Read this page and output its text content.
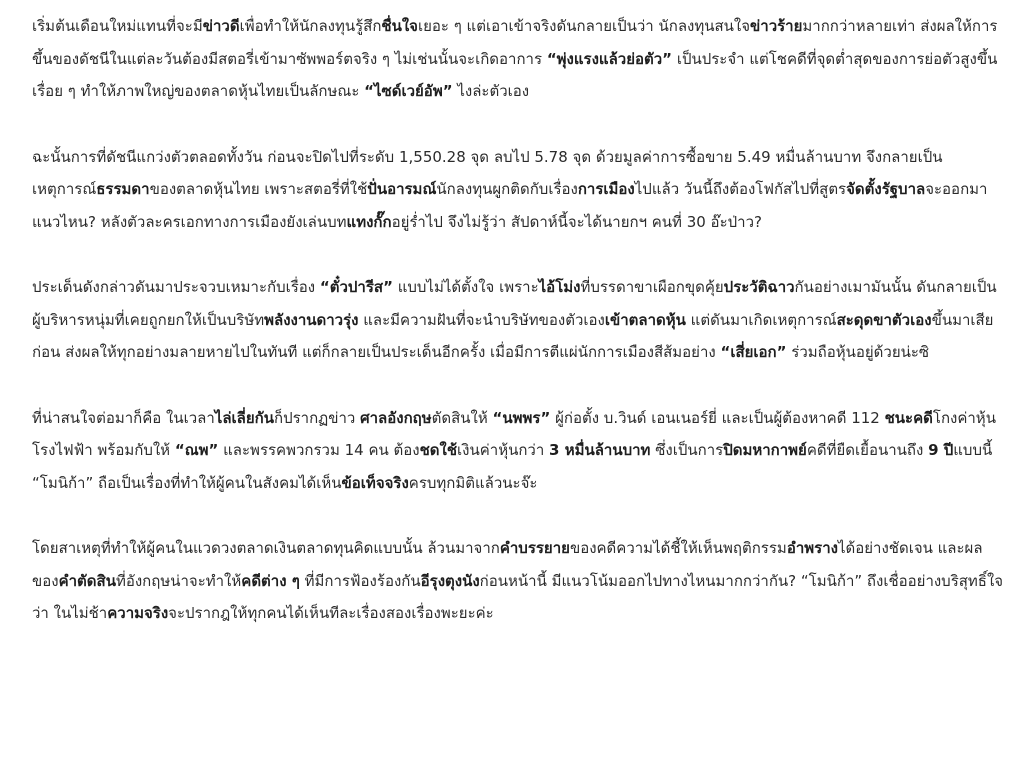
เริ่มต้นเดือนใหม่แทนที่จะมีข่าวดีเพื่อทำให้นักลงทุนรู้สึกชื่นใจเยอะ ๆ แต่เอาเข้าจริงดันกลายเป็นว่า นักลงทุนสนใจข่าวร้ายมากกว่าหลายเท่า ส่งผลให้การขึ้นของดัชนีในแต่ละวันต้องมีสตอรี่เข้ามาซัพพอร์ตจริง ๆ ไม่เช่นนั้นจะเกิดอาการ “พุ่งแรงแล้วย่อตัว” เป็นประจำ แต่โชคดีที่จุดต่ำสุดของการย่อตัวสูงขึ้นเรื่อย ๆ ทำให้ภาพใหญ่ของตลาดหุ้นไทยเป็นลักษณะ “ไซด์เวย์อัพ” ไงล่ะตัวเอง

ฉะนั้นการที่ดัชนีแกว่งตัวตลอดทั้งวัน ก่อนจะปิดไปที่ระดับ 1,550.28 จุด ลบไป 5.78 จุด ด้วยมูลค่าการซื้อขาย 5.49 หมื่นล้านบาท จึงกลายเป็นเหตุการณ์ธรรมดาของตลาดหุ้นไทย เพราะสตอรี่ที่ใช้ปั่นอารมณ์นักลงทุนผูกติดกับเรื่องการเมืองไปแล้ว วันนี้ถึงต้องโฟกัสไปที่สูตรจัดตั้งรัฐบาลจะออกมาแนวไหน? หลังตัวละครเอกทางการเมืองยังเล่นบทแทงกั๊กอยู่ร่ำไป จึงไม่รู้ว่า สัปดาห์นี้จะได้นายกฯ คนที่ 30 อ๊ะป่าว?

ประเด็นดังกล่าวดันมาประจวบเหมาะกับเรื่อง “ตั๋วปารีส” แบบไม่ได้ตั้งใจ เพราะไอ้โม่งที่บรรดาขาเผือกขุดคุ้ยประวัติฉาวกันอย่างเมามันนั้น ดันกลายเป็นผู้บริหารหนุ่มที่เคยถูกยกให้เป็นบริษัทพลังงานดาวรุ่ง และมีความฝันที่จะนำบริษัทของตัวเองเข้าตลาดหุ้น แต่ดันมาเกิดเหตุการณ์สะดุดขาตัวเองขึ้นมาเสียก่อน ส่งผลให้ทุกอย่างมลายหายไปในทันที แต่ก็กลายเป็นประเด็นอีกครั้ง เมื่อมีการตีแผ่นักการเมืองสีส้มอย่าง “เสี่ยเอก” ร่วมถือหุ้นอยู่ด้วยน่ะซิ

ที่น่าสนใจต่อมาก็คือ ในเวลาไล่เลี่ยกันก็ปรากฏข่าว ศาลอังกฤษตัดสินให้ “นพพร” ผู้ก่อตั้ง บ.วินด์ เอนเนอร์ยี่ และเป็นผู้ต้องหาคดี 112 ชนะคดีโกงค่าหุ้นโรงไฟฟ้า พร้อมกับให้ “ณพ” และพรรคพวกรวม 14 คน ต้องชดใช้เงินค่าหุ้นกว่า 3 หมื่นล้านบาท ซึ่งเป็นการปิดมหากาพย์คดีที่ยืดเยื้อนานถึง 9 ปีแบบนี้ “โมนิก้า” ถือเป็นเรื่องที่ทำให้ผู้คนในสังคมได้เห็นข้อเท็จจริงครบทุกมิติแล้วนะจ๊ะ

โดยสาเหตุที่ทำให้ผู้คนในแวดวงตลาดเงินตลาดทุนคิดแบบนั้น ล้วนมาจากคำบรรยายของคดีความได้ชี้ให้เห็นพฤติกรรมอำพรางได้อย่างชัดเจน และผลของคำตัดสินที่อังกฤษน่าจะทำให้คดีต่าง ๆ ที่มีการฟ้องร้องกันอีรุงตุงนังก่อนหน้านี้ มีแนวโน้มออกไปทางไหนมากกว่ากัน? “โมนิก้า” ถึงเชื่ออย่างบริสุทธิ์ใจว่า ในไม่ช้าความจริงจะปรากฎให้ทุกคนได้เห็นทีละเรื่องสองเรื่องพะยะค่ะ
